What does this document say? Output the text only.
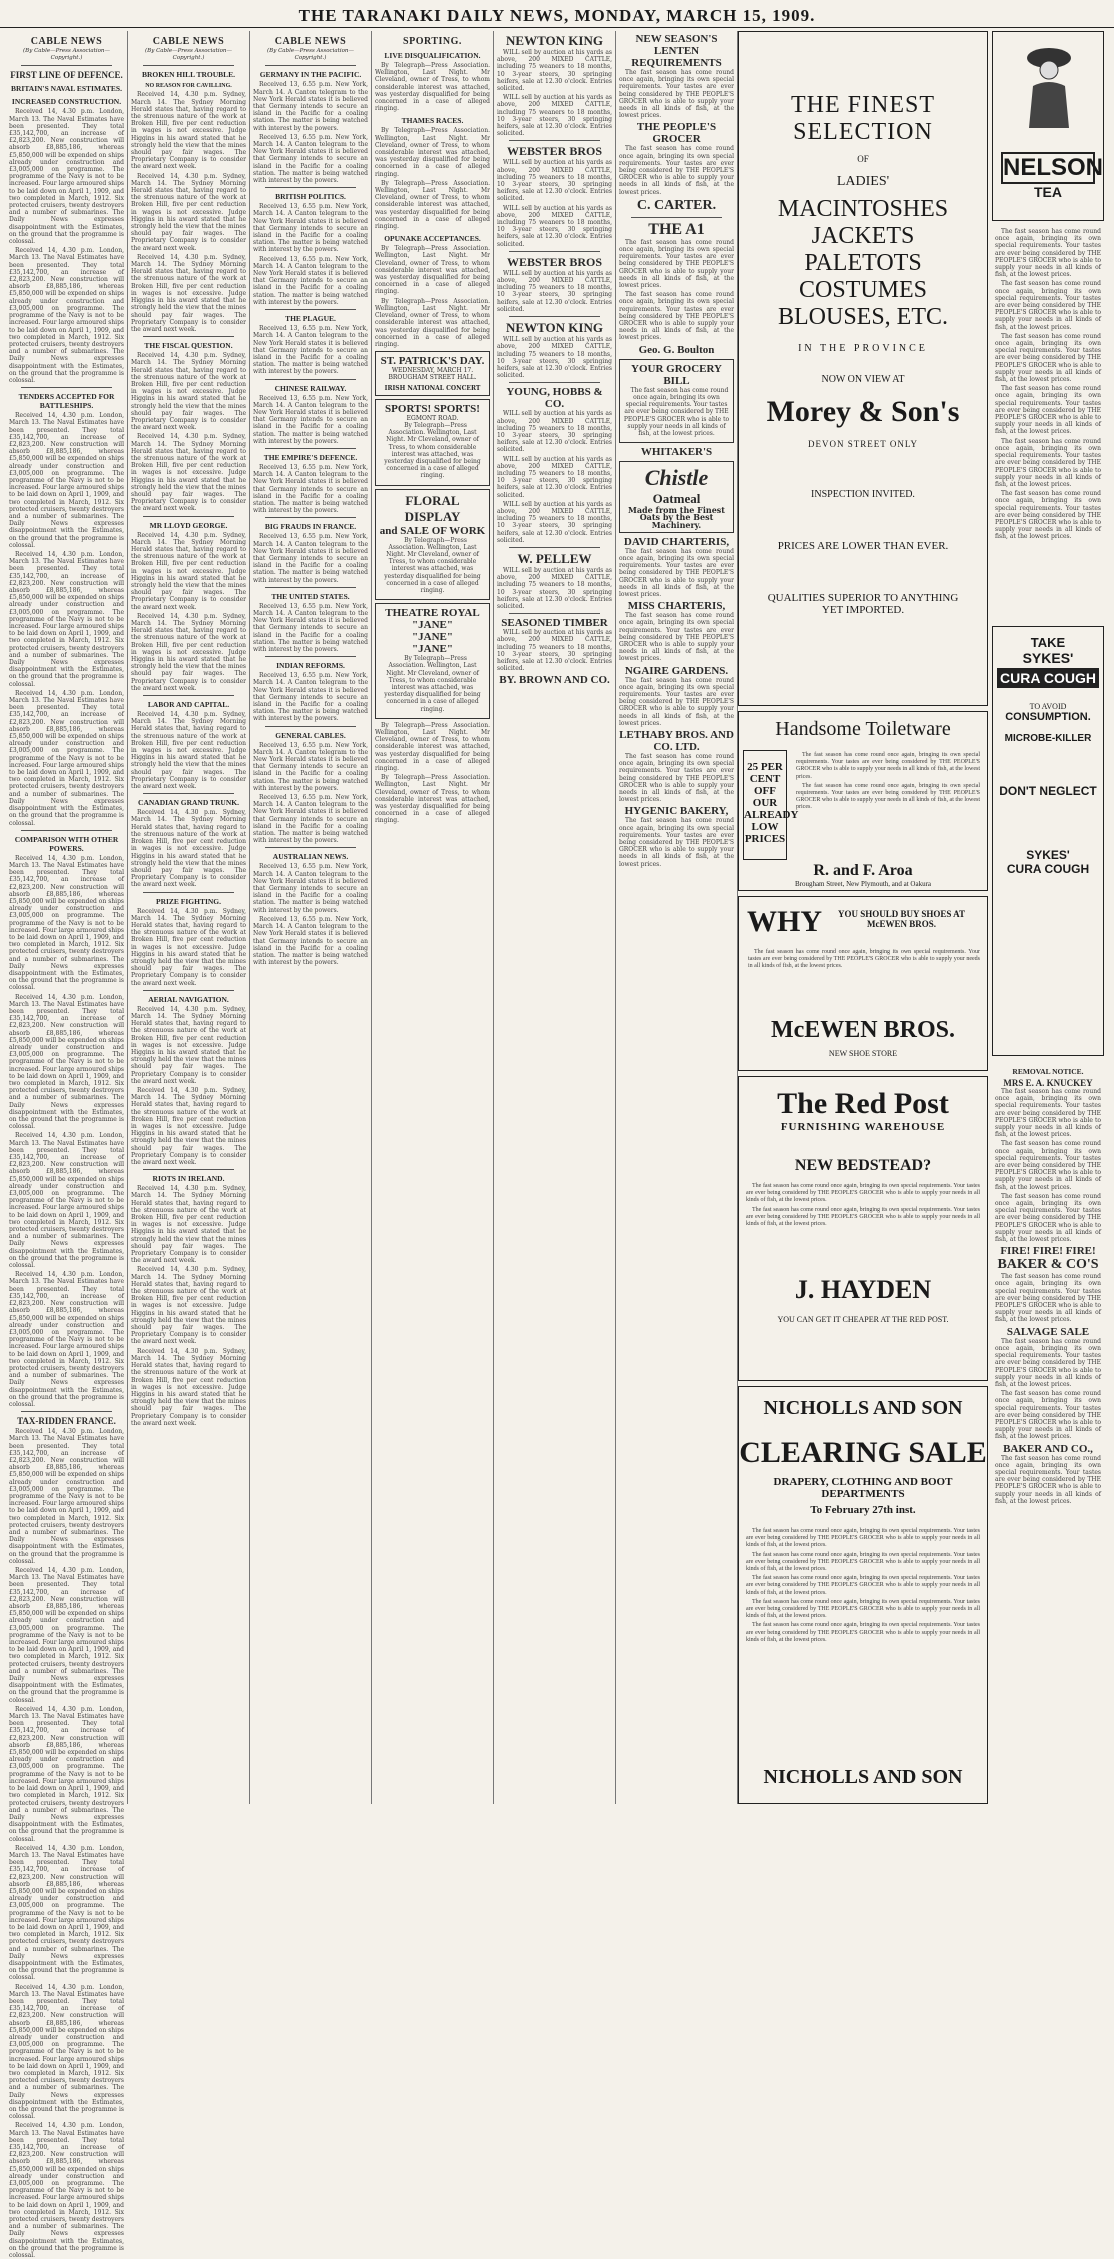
THE TARANAKI DAILY NEWS, MONDAY, MARCH 15, 1909.
CABLE NEWS
(By Cable—Press Association—Copyright.)
FIRST LINE OF DEFENCE.
BRITAIN'S NAVAL ESTIMATES.
INCREASED CONSTRUCTION.

Received 14, 4.30 p.m. London, March 13. The Naval Estimates have been presented. They total £35,142,700, an increase of £2,823,200. New construction will absorb £8,885,186, whereas £5,850,000 will be expended on ships already under construction and £3,005,000 on programme. The programme of the Navy is not to be increased. Four large armoured ships to be laid down on April 1, 1909, and two completed in March, 1912. Six protected cruisers, twenty destroyers and a number of submarines. The Daily News expresses disappointment with the Estimates, on the ground that the programme is colossal.

Received 14, 4.30 p.m. London, March 13. The Naval Estimates have been presented. They total £35,142,700, an increase of £2,823,200. New construction will absorb £8,885,186, whereas £5,850,000 will be expended on ships already under construction and £3,005,000 on programme. The programme of the Navy is not to be increased. Four large armoured ships to be laid down on April 1, 1909, and two completed in March, 1912. Six protected cruisers, twenty destroyers and a number of submarines. The Daily News expresses disappointment with the Estimates, on the ground that the programme is colossal.

TENDERS ACCEPTED FOR BATTLESHIPS.

Received 14, 4.30 p.m. London, March 13. The Naval Estimates have been presented. They total £35,142,700, an increase of £2,823,200. New construction will absorb £8,885,186, whereas £5,850,000 will be expended on ships already under construction and £3,005,000 on programme. The programme of the Navy is not to be increased. Four large armoured ships to be laid down on April 1, 1909, and two completed in March, 1912. Six protected cruisers, twenty destroyers and a number of submarines. The Daily News expresses disappointment with the Estimates, on the ground that the programme is colossal.

Received 14, 4.30 p.m. London, March 13. The Naval Estimates have been presented. They total £35,142,700, an increase of £2,823,200. New construction will absorb £8,885,186, whereas £5,850,000 will be expended on ships already under construction and £3,005,000 on programme. The programme of the Navy is not to be increased. Four large armoured ships to be laid down on April 1, 1909, and two completed in March, 1912. Six protected cruisers, twenty destroyers and a number of submarines. The Daily News expresses disappointment with the Estimates, on the ground that the programme is colossal.

Received 14, 4.30 p.m. London, March 13. The Naval Estimates have been presented. They total £35,142,700, an increase of £2,823,200. New construction will absorb £8,885,186, whereas £5,850,000 will be expended on ships already under construction and £3,005,000 on programme. The programme of the Navy is not to be increased. Four large armoured ships to be laid down on April 1, 1909, and two completed in March, 1912. Six protected cruisers, twenty destroyers and a number of submarines. The Daily News expresses disappointment with the Estimates, on the ground that the programme is colossal.

COMPARISON WITH OTHER POWERS.

Received 14, 4.30 p.m. London, March 13. The Naval Estimates have been presented. They total £35,142,700, an increase of £2,823,200. New construction will absorb £8,885,186, whereas £5,850,000 will be expended on ships already under construction and £3,005,000 on programme. The programme of the Navy is not to be increased. Four large armoured ships to be laid down on April 1, 1909, and two completed in March, 1912. Six protected cruisers, twenty destroyers and a number of submarines. The Daily News expresses disappointment with the Estimates, on the ground that the programme is colossal.

Received 14, 4.30 p.m. London, March 13. The Naval Estimates have been presented. They total £35,142,700, an increase of £2,823,200. New construction will absorb £8,885,186, whereas £5,850,000 will be expended on ships already under construction and £3,005,000 on programme. The programme of the Navy is not to be increased. Four large armoured ships to be laid down on April 1, 1909, and two completed in March, 1912. Six protected cruisers, twenty destroyers and a number of submarines. The Daily News expresses disappointment with the Estimates, on the ground that the programme is colossal.

Received 14, 4.30 p.m. London, March 13. The Naval Estimates have been presented. They total £35,142,700, an increase of £2,823,200. New construction will absorb £8,885,186, whereas £5,850,000 will be expended on ships already under construction and £3,005,000 on programme. The programme of the Navy is not to be increased. Four large armoured ships to be laid down on April 1, 1909, and two completed in March, 1912. Six protected cruisers, twenty destroyers and a number of submarines. The Daily News expresses disappointment with the Estimates, on the ground that the programme is colossal.

Received 14, 4.30 p.m. London, March 13. The Naval Estimates have been presented. They total £35,142,700, an increase of £2,823,200. New construction will absorb £8,885,186, whereas £5,850,000 will be expended on ships already under construction and £3,005,000 on programme. The programme of the Navy is not to be increased. Four large armoured ships to be laid down on April 1, 1909, and two completed in March, 1912. Six protected cruisers, twenty destroyers and a number of submarines. The Daily News expresses disappointment with the Estimates, on the ground that the programme is colossal.

TAX-RIDDEN FRANCE.

Received 14, 4.30 p.m. London, March 13. The Naval Estimates have been presented. They total £35,142,700, an increase of £2,823,200. New construction will absorb £8,885,186, whereas £5,850,000 will be expended on ships already under construction and £3,005,000 on programme. The programme of the Navy is not to be increased. Four large armoured ships to be laid down on April 1, 1909, and two completed in March, 1912. Six protected cruisers, twenty destroyers and a number of submarines. The Daily News expresses disappointment with the Estimates, on the ground that the programme is colossal.

Received 14, 4.30 p.m. London, March 13. The Naval Estimates have been presented. They total £35,142,700, an increase of £2,823,200. New construction will absorb £8,885,186, whereas £5,850,000 will be expended on ships already under construction and £3,005,000 on programme. The programme of the Navy is not to be increased. Four large armoured ships to be laid down on April 1, 1909, and two completed in March, 1912. Six protected cruisers, twenty destroyers and a number of submarines. The Daily News expresses disappointment with the Estimates, on the ground that the programme is colossal.

Received 14, 4.30 p.m. London, March 13. The Naval Estimates have been presented. They total £35,142,700, an increase of £2,823,200. New construction will absorb £8,885,186, whereas £5,850,000 will be expended on ships already under construction and £3,005,000 on programme. The programme of the Navy is not to be increased. Four large armoured ships to be laid down on April 1, 1909, and two completed in March, 1912. Six protected cruisers, twenty destroyers and a number of submarines. The Daily News expresses disappointment with the Estimates, on the ground that the programme is colossal.

Received 14, 4.30 p.m. London, March 13. The Naval Estimates have been presented. They total £35,142,700, an increase of £2,823,200. New construction will absorb £8,885,186, whereas £5,850,000 will be expended on ships already under construction and £3,005,000 on programme. The programme of the Navy is not to be increased. Four large armoured ships to be laid down on April 1, 1909, and two completed in March, 1912. Six protected cruisers, twenty destroyers and a number of submarines. The Daily News expresses disappointment with the Estimates, on the ground that the programme is colossal.

Received 14, 4.30 p.m. London, March 13. The Naval Estimates have been presented. They total £35,142,700, an increase of £2,823,200. New construction will absorb £8,885,186, whereas £5,850,000 will be expended on ships already under construction and £3,005,000 on programme. The programme of the Navy is not to be increased. Four large armoured ships to be laid down on April 1, 1909, and two completed in March, 1912. Six protected cruisers, twenty destroyers and a number of submarines. The Daily News expresses disappointment with the Estimates, on the ground that the programme is colossal.

Received 14, 4.30 p.m. London, March 13. The Naval Estimates have been presented. They total £35,142,700, an increase of £2,823,200. New construction will absorb £8,885,186, whereas £5,850,000 will be expended on ships already under construction and £3,005,000 on programme. The programme of the Navy is not to be increased. Four large armoured ships to be laid down on April 1, 1909, and two completed in March, 1912. Six protected cruisers, twenty destroyers and a number of submarines. The Daily News expresses disappointment with the Estimates, on the ground that the programme is colossal.

CABLE NEWS
(By Cable—Press Association—Copyright.)
BROKEN HILL TROUBLE.
NO REASON FOR CAVILLING.

Received 14, 4.30 p.m. Sydney, March 14. The Sydney Morning Herald states that, having regard to the strenuous nature of the work at Broken Hill, five per cent reduction in wages is not excessive. Judge Higgins in his award stated that he strongly held the view that the mines should pay fair wages. The Proprietary Company is to consider the award next week.

Received 14, 4.30 p.m. Sydney, March 14. The Sydney Morning Herald states that, having regard to the strenuous nature of the work at Broken Hill, five per cent reduction in wages is not excessive. Judge Higgins in his award stated that he strongly held the view that the mines should pay fair wages. The Proprietary Company is to consider the award next week.

Received 14, 4.30 p.m. Sydney, March 14. The Sydney Morning Herald states that, having regard to the strenuous nature of the work at Broken Hill, five per cent reduction in wages is not excessive. Judge Higgins in his award stated that he strongly held the view that the mines should pay fair wages. The Proprietary Company is to consider the award next week.

THE FISCAL QUESTION.

Received 14, 4.30 p.m. Sydney, March 14. The Sydney Morning Herald states that, having regard to the strenuous nature of the work at Broken Hill, five per cent reduction in wages is not excessive. Judge Higgins in his award stated that he strongly held the view that the mines should pay fair wages. The Proprietary Company is to consider the award next week.

Received 14, 4.30 p.m. Sydney, March 14. The Sydney Morning Herald states that, having regard to the strenuous nature of the work at Broken Hill, five per cent reduction in wages is not excessive. Judge Higgins in his award stated that he strongly held the view that the mines should pay fair wages. The Proprietary Company is to consider the award next week.

MR LLOYD GEORGE.

Received 14, 4.30 p.m. Sydney, March 14. The Sydney Morning Herald states that, having regard to the strenuous nature of the work at Broken Hill, five per cent reduction in wages is not excessive. Judge Higgins in his award stated that he strongly held the view that the mines should pay fair wages. The Proprietary Company is to consider the award next week.

Received 14, 4.30 p.m. Sydney, March 14. The Sydney Morning Herald states that, having regard to the strenuous nature of the work at Broken Hill, five per cent reduction in wages is not excessive. Judge Higgins in his award stated that he strongly held the view that the mines should pay fair wages. The Proprietary Company is to consider the award next week.

LABOR AND CAPITAL.

Received 14, 4.30 p.m. Sydney, March 14. The Sydney Morning Herald states that, having regard to the strenuous nature of the work at Broken Hill, five per cent reduction in wages is not excessive. Judge Higgins in his award stated that he strongly held the view that the mines should pay fair wages. The Proprietary Company is to consider the award next week.

CANADIAN GRAND TRUNK.

Received 14, 4.30 p.m. Sydney, March 14. The Sydney Morning Herald states that, having regard to the strenuous nature of the work at Broken Hill, five per cent reduction in wages is not excessive. Judge Higgins in his award stated that he strongly held the view that the mines should pay fair wages. The Proprietary Company is to consider the award next week.

PRIZE FIGHTING.

Received 14, 4.30 p.m. Sydney, March 14. The Sydney Morning Herald states that, having regard to the strenuous nature of the work at Broken Hill, five per cent reduction in wages is not excessive. Judge Higgins in his award stated that he strongly held the view that the mines should pay fair wages. The Proprietary Company is to consider the award next week.

AERIAL NAVIGATION.

Received 14, 4.30 p.m. Sydney, March 14. The Sydney Morning Herald states that, having regard to the strenuous nature of the work at Broken Hill, five per cent reduction in wages is not excessive. Judge Higgins in his award stated that he strongly held the view that the mines should pay fair wages. The Proprietary Company is to consider the award next week.

Received 14, 4.30 p.m. Sydney, March 14. The Sydney Morning Herald states that, having regard to the strenuous nature of the work at Broken Hill, five per cent reduction in wages is not excessive. Judge Higgins in his award stated that he strongly held the view that the mines should pay fair wages. The Proprietary Company is to consider the award next week.

RIOTS IN IRELAND.

Received 14, 4.30 p.m. Sydney, March 14. The Sydney Morning Herald states that, having regard to the strenuous nature of the work at Broken Hill, five per cent reduction in wages is not excessive. Judge Higgins in his award stated that he strongly held the view that the mines should pay fair wages. The Proprietary Company is to consider the award next week.

Received 14, 4.30 p.m. Sydney, March 14. The Sydney Morning Herald states that, having regard to the strenuous nature of the work at Broken Hill, five per cent reduction in wages is not excessive. Judge Higgins in his award stated that he strongly held the view that the mines should pay fair wages. The Proprietary Company is to consider the award next week.

Received 14, 4.30 p.m. Sydney, March 14. The Sydney Morning Herald states that, having regard to the strenuous nature of the work at Broken Hill, five per cent reduction in wages is not excessive. Judge Higgins in his award stated that he strongly held the view that the mines should pay fair wages. The Proprietary Company is to consider the award next week.

CABLE NEWS
(By Cable—Press Association—Copyright.)
GERMANY IN THE PACIFIC.

Received 13, 6.55 p.m. New York, March 14. A Canton telegram to the New York Herald states it is believed that Germany intends to secure an island in the Pacific for a coaling station. The matter is being watched with interest by the powers.

Received 13, 6.55 p.m. New York, March 14. A Canton telegram to the New York Herald states it is believed that Germany intends to secure an island in the Pacific for a coaling station. The matter is being watched with interest by the powers.

BRITISH POLITICS.

Received 13, 6.55 p.m. New York, March 14. A Canton telegram to the New York Herald states it is believed that Germany intends to secure an island in the Pacific for a coaling station. The matter is being watched with interest by the powers.

Received 13, 6.55 p.m. New York, March 14. A Canton telegram to the New York Herald states it is believed that Germany intends to secure an island in the Pacific for a coaling station. The matter is being watched with interest by the powers.

THE PLAGUE.

Received 13, 6.55 p.m. New York, March 14. A Canton telegram to the New York Herald states it is believed that Germany intends to secure an island in the Pacific for a coaling station. The matter is being watched with interest by the powers.

CHINESE RAILWAY.

Received 13, 6.55 p.m. New York, March 14. A Canton telegram to the New York Herald states it is believed that Germany intends to secure an island in the Pacific for a coaling station. The matter is being watched with interest by the powers.

THE EMPIRE'S DEFENCE.

Received 13, 6.55 p.m. New York, March 14. A Canton telegram to the New York Herald states it is believed that Germany intends to secure an island in the Pacific for a coaling station. The matter is being watched with interest by the powers.

BIG FRAUDS IN FRANCE.

Received 13, 6.55 p.m. New York, March 14. A Canton telegram to the New York Herald states it is believed that Germany intends to secure an island in the Pacific for a coaling station. The matter is being watched with interest by the powers.

THE UNITED STATES.

Received 13, 6.55 p.m. New York, March 14. A Canton telegram to the New York Herald states it is believed that Germany intends to secure an island in the Pacific for a coaling station. The matter is being watched with interest by the powers.

INDIAN REFORMS.

Received 13, 6.55 p.m. New York, March 14. A Canton telegram to the New York Herald states it is believed that Germany intends to secure an island in the Pacific for a coaling station. The matter is being watched with interest by the powers.

GENERAL CABLES.

Received 13, 6.55 p.m. New York, March 14. A Canton telegram to the New York Herald states it is believed that Germany intends to secure an island in the Pacific for a coaling station. The matter is being watched with interest by the powers.

Received 13, 6.55 p.m. New York, March 14. A Canton telegram to the New York Herald states it is believed that Germany intends to secure an island in the Pacific for a coaling station. The matter is being watched with interest by the powers.

AUSTRALIAN NEWS.

Received 13, 6.55 p.m. New York, March 14. A Canton telegram to the New York Herald states it is believed that Germany intends to secure an island in the Pacific for a coaling station. The matter is being watched with interest by the powers.

Received 13, 6.55 p.m. New York, March 14. A Canton telegram to the New York Herald states it is believed that Germany intends to secure an island in the Pacific for a coaling station. The matter is being watched with interest by the powers.

SPORTING.
LIVE DISQUALIFICATION.

By Telegraph—Press Association. Wellington, Last Night. Mr Cleveland, owner of Tress, to whom considerable interest was attached, was yesterday disqualified for being concerned in a case of alleged ringing.

THAMES RACES.

By Telegraph—Press Association. Wellington, Last Night. Mr Cleveland, owner of Tress, to whom considerable interest was attached, was yesterday disqualified for being concerned in a case of alleged ringing.

By Telegraph—Press Association. Wellington, Last Night. Mr Cleveland, owner of Tress, to whom considerable interest was attached, was yesterday disqualified for being concerned in a case of alleged ringing.

OPUNAKE ACCEPTANCES.

By Telegraph—Press Association. Wellington, Last Night. Mr Cleveland, owner of Tress, to whom considerable interest was attached, was yesterday disqualified for being concerned in a case of alleged ringing.

By Telegraph—Press Association. Wellington, Last Night. Mr Cleveland, owner of Tress, to whom considerable interest was attached, was yesterday disqualified for being concerned in a case of alleged ringing.

ST. PATRICK'S DAY.
WEDNESDAY, MARCH 17.
BROUGHAM STREET HALL.
IRISH NATIONAL CONCERT
SPORTS! SPORTS!
EGMONT ROAD.

By Telegraph—Press Association. Wellington, Last Night. Mr Cleveland, owner of Tress, to whom considerable interest was attached, was yesterday disqualified for being concerned in a case of alleged ringing.

FLORAL DISPLAY
and SALE OF WORK

By Telegraph—Press Association. Wellington, Last Night. Mr Cleveland, owner of Tress, to whom considerable interest was attached, was yesterday disqualified for being concerned in a case of alleged ringing.

THEATRE ROYAL
"JANE"
"JANE"
"JANE"

By Telegraph—Press Association. Wellington, Last Night. Mr Cleveland, owner of Tress, to whom considerable interest was attached, was yesterday disqualified for being concerned in a case of alleged ringing.

By Telegraph—Press Association. Wellington, Last Night. Mr Cleveland, owner of Tress, to whom considerable interest was attached, was yesterday disqualified for being concerned in a case of alleged ringing.

By Telegraph—Press Association. Wellington, Last Night. Mr Cleveland, owner of Tress, to whom considerable interest was attached, was yesterday disqualified for being concerned in a case of alleged ringing.

NEWTON KING

WILL sell by auction at his yards as above, 200 MIXED CATTLE, including 75 weaners to 18 months, 10 3-year steers, 30 springing heifers, sale at 12.30 o'clock. Entries solicited.

WILL sell by auction at his yards as above, 200 MIXED CATTLE, including 75 weaners to 18 months, 10 3-year steers, 30 springing heifers, sale at 12.30 o'clock. Entries solicited.

WEBSTER BROS

WILL sell by auction at his yards as above, 200 MIXED CATTLE, including 75 weaners to 18 months, 10 3-year steers, 30 springing heifers, sale at 12.30 o'clock. Entries solicited.

WILL sell by auction at his yards as above, 200 MIXED CATTLE, including 75 weaners to 18 months, 10 3-year steers, 30 springing heifers, sale at 12.30 o'clock. Entries solicited.

WEBSTER BROS

WILL sell by auction at his yards as above, 200 MIXED CATTLE, including 75 weaners to 18 months, 10 3-year steers, 30 springing heifers, sale at 12.30 o'clock. Entries solicited.

NEWTON KING

WILL sell by auction at his yards as above, 200 MIXED CATTLE, including 75 weaners to 18 months, 10 3-year steers, 30 springing heifers, sale at 12.30 o'clock. Entries solicited.

YOUNG, HOBBS & CO.

WILL sell by auction at his yards as above, 200 MIXED CATTLE, including 75 weaners to 18 months, 10 3-year steers, 30 springing heifers, sale at 12.30 o'clock. Entries solicited.

WILL sell by auction at his yards as above, 200 MIXED CATTLE, including 75 weaners to 18 months, 10 3-year steers, 30 springing heifers, sale at 12.30 o'clock. Entries solicited.

WILL sell by auction at his yards as above, 200 MIXED CATTLE, including 75 weaners to 18 months, 10 3-year steers, 30 springing heifers, sale at 12.30 o'clock. Entries solicited.

W. PELLEW

WILL sell by auction at his yards as above, 200 MIXED CATTLE, including 75 weaners to 18 months, 10 3-year steers, 30 springing heifers, sale at 12.30 o'clock. Entries solicited.

SEASONED TIMBER

WILL sell by auction at his yards as above, 200 MIXED CATTLE, including 75 weaners to 18 months, 10 3-year steers, 30 springing heifers, sale at 12.30 o'clock. Entries solicited.

BY. BROWN AND CO.
NEW SEASON'S LENTEN REQUIREMENTS

The fast season has come round once again, bringing its own special requirements. Your tastes are ever being considered by THE PEOPLE'S GROCER who is able to supply your needs in all kinds of fish, at the lowest prices.

THE PEOPLE'S GROCER

The fast season has come round once again, bringing its own special requirements. Your tastes are ever being considered by THE PEOPLE'S GROCER who is able to supply your needs in all kinds of fish, at the lowest prices.

C. CARTER.
THE A1

The fast season has come round once again, bringing its own special requirements. Your tastes are ever being considered by THE PEOPLE'S GROCER who is able to supply your needs in all kinds of fish, at the lowest prices.

The fast season has come round once again, bringing its own special requirements. Your tastes are ever being considered by THE PEOPLE'S GROCER who is able to supply your needs in all kinds of fish, at the lowest prices.

Geo. G. Boulton
YOUR GROCERY BILL

The fast season has come round once again, bringing its own special requirements. Your tastes are ever being considered by THE PEOPLE'S GROCER who is able to supply your needs in all kinds of fish, at the lowest prices.

WHITAKER'S
Chistle
Oatmeal
Made from the Finest Oats by the Best Machinery.
DAVID CHARTERIS,

The fast season has come round once again, bringing its own special requirements. Your tastes are ever being considered by THE PEOPLE'S GROCER who is able to supply your needs in all kinds of fish, at the lowest prices.

MISS CHARTERIS,

The fast season has come round once again, bringing its own special requirements. Your tastes are ever being considered by THE PEOPLE'S GROCER who is able to supply your needs in all kinds of fish, at the lowest prices.

NGAIRE GARDENS.

The fast season has come round once again, bringing its own special requirements. Your tastes are ever being considered by THE PEOPLE'S GROCER who is able to supply your needs in all kinds of fish, at the lowest prices.

LETHABY BROS. AND CO. LTD.

The fast season has come round once again, bringing its own special requirements. Your tastes are ever being considered by THE PEOPLE'S GROCER who is able to supply your needs in all kinds of fish, at the lowest prices.

HYGENIC BAKERY,

The fast season has come round once again, bringing its own special requirements. Your tastes are ever being considered by THE PEOPLE'S GROCER who is able to supply your needs in all kinds of fish, at the lowest prices.

THE FINEST SELECTION
OF
LADIES'
MACINTOSHES
JACKETS
PALETOTS
COSTUMES
BLOUSES, ETC.
IN THE PROVINCE
NOW ON VIEW AT
Morey & Son's
DEVON STREET ONLY
INSPECTION INVITED.
PRICES ARE LOWER THAN EVER.
QUALITIES SUPERIOR TO ANYTHING YET IMPORTED.
NELSON
TEA

The fast season has come round once again, bringing its own special requirements. Your tastes are ever being considered by THE PEOPLE'S GROCER who is able to supply your needs in all kinds of fish, at the lowest prices.

The fast season has come round once again, bringing its own special requirements. Your tastes are ever being considered by THE PEOPLE'S GROCER who is able to supply your needs in all kinds of fish, at the lowest prices.

The fast season has come round once again, bringing its own special requirements. Your tastes are ever being considered by THE PEOPLE'S GROCER who is able to supply your needs in all kinds of fish, at the lowest prices.

The fast season has come round once again, bringing its own special requirements. Your tastes are ever being considered by THE PEOPLE'S GROCER who is able to supply your needs in all kinds of fish, at the lowest prices.

The fast season has come round once again, bringing its own special requirements. Your tastes are ever being considered by THE PEOPLE'S GROCER who is able to supply your needs in all kinds of fish, at the lowest prices.

The fast season has come round once again, bringing its own special requirements. Your tastes are ever being considered by THE PEOPLE'S GROCER who is able to supply your needs in all kinds of fish, at the lowest prices.

Handsome Toiletware
25 PER CENT OFF OUR ALREADY LOW PRICES

The fast season has come round once again, bringing its own special requirements. Your tastes are ever being considered by THE PEOPLE'S GROCER who is able to supply your needs in all kinds of fish, at the lowest prices.

The fast season has come round once again, bringing its own special requirements. Your tastes are ever being considered by THE PEOPLE'S GROCER who is able to supply your needs in all kinds of fish, at the lowest prices.

R. and F. Aroa
Brougham Street, New Plymouth, and at Oakura
TAKE
SYKES'
CURA COUGH
TO AVOID
CONSUMPTION.
MICROBE-KILLER
DON'T NEGLECT
SYKES'
CURA COUGH
WHY	YOU SHOULD BUY SHOES AT McEWEN BROS.

The fast season has come round once again, bringing its own special requirements. Your tastes are ever being considered by THE PEOPLE'S GROCER who is able to supply your needs in all kinds of fish, at the lowest prices.

McEWEN BROS.
NEW SHOE STORE
REMOVAL NOTICE.
MRS E. A. KNUCKEY

The fast season has come round once again, bringing its own special requirements. Your tastes are ever being considered by THE PEOPLE'S GROCER who is able to supply your needs in all kinds of fish, at the lowest prices.

The fast season has come round once again, bringing its own special requirements. Your tastes are ever being considered by THE PEOPLE'S GROCER who is able to supply your needs in all kinds of fish, at the lowest prices.

The fast season has come round once again, bringing its own special requirements. Your tastes are ever being considered by THE PEOPLE'S GROCER who is able to supply your needs in all kinds of fish, at the lowest prices.

FIRE! FIRE! FIRE!
BAKER & CO'S

The fast season has come round once again, bringing its own special requirements. Your tastes are ever being considered by THE PEOPLE'S GROCER who is able to supply your needs in all kinds of fish, at the lowest prices.

SALVAGE SALE

The fast season has come round once again, bringing its own special requirements. Your tastes are ever being considered by THE PEOPLE'S GROCER who is able to supply your needs in all kinds of fish, at the lowest prices.

The fast season has come round once again, bringing its own special requirements. Your tastes are ever being considered by THE PEOPLE'S GROCER who is able to supply your needs in all kinds of fish, at the lowest prices.

BAKER AND CO.,

The fast season has come round once again, bringing its own special requirements. Your tastes are ever being considered by THE PEOPLE'S GROCER who is able to supply your needs in all kinds of fish, at the lowest prices.

The Red Post
FURNISHING WAREHOUSE
NEW BEDSTEAD?

The fast season has come round once again, bringing its own special requirements. Your tastes are ever being considered by THE PEOPLE'S GROCER who is able to supply your needs in all kinds of fish, at the lowest prices.

The fast season has come round once again, bringing its own special requirements. Your tastes are ever being considered by THE PEOPLE'S GROCER who is able to supply your needs in all kinds of fish, at the lowest prices.

J. HAYDEN
YOU CAN GET IT CHEAPER AT THE RED POST.
NICHOLLS AND SON
CLEARING SALE
DRAPERY, CLOTHING AND BOOT DEPARTMENTS
To February 27th inst.

The fast season has come round once again, bringing its own special requirements. Your tastes are ever being considered by THE PEOPLE'S GROCER who is able to supply your needs in all kinds of fish, at the lowest prices.

The fast season has come round once again, bringing its own special requirements. Your tastes are ever being considered by THE PEOPLE'S GROCER who is able to supply your needs in all kinds of fish, at the lowest prices.

The fast season has come round once again, bringing its own special requirements. Your tastes are ever being considered by THE PEOPLE'S GROCER who is able to supply your needs in all kinds of fish, at the lowest prices.

The fast season has come round once again, bringing its own special requirements. Your tastes are ever being considered by THE PEOPLE'S GROCER who is able to supply your needs in all kinds of fish, at the lowest prices.

The fast season has come round once again, bringing its own special requirements. Your tastes are ever being considered by THE PEOPLE'S GROCER who is able to supply your needs in all kinds of fish, at the lowest prices.

NICHOLLS AND SON
